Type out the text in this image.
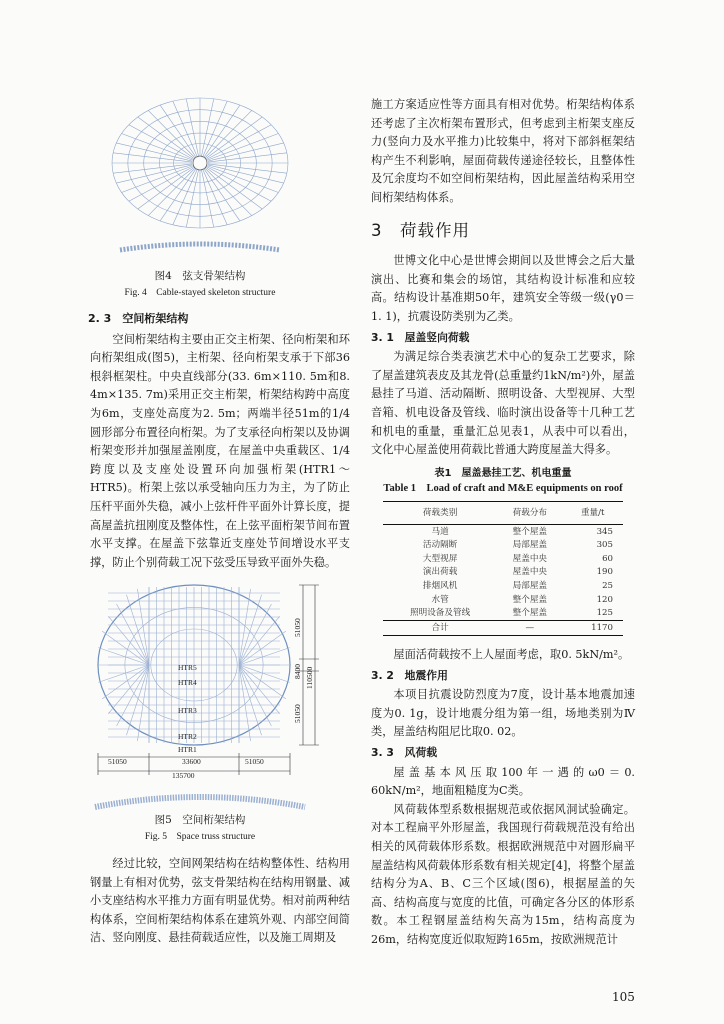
图4　弦支骨架结构
Fig. 4　Cable-stayed skeleton structure
2. 3　空间桁架结构

空间桁架结构主要由正交主桁架、径向桁架和环向桁架组成(图5)，主桁架、径向桁架支承于下部36根斜框架柱。中央直线部分(33. 6m×110. 5m和8. 4m×135. 7m)采用正交主桁架，桁架结构跨中高度为6m，支座处高度为2. 5m；两端半径51m的1/4圆形部分布置径向桁架。为了支承径向桁架以及协调桁架变形并加强屋盖刚度，在屋盖中央重载区、1/4跨度以及支座处设置环向加强桁架(HTR1～HTR5)。桁架上弦以承受轴向压力为主，为了防止压杆平面外失稳，减小上弦杆件平面外计算长度，提高屋盖抗扭刚度及整体性，在上弦平面桁架节间布置水平支撑。在屋盖下弦靠近支座处节间增设水平支撑，防止个别荷载工况下弦受压导致平面外失稳。

HTR5
HTR4
HTR3
HTR2
HTR1
51050	33600	51050
135700
51050
8400 110500
51050
图5　空间桁架结构
Fig. 5　Space truss structure

经过比较，空间网架结构在结构整体性、结构用钢量上有相对优势，弦支骨架结构在结构用钢量、减小支座结构水平推力方面有明显优势。相对前两种结构体系，空间桁架结构体系在建筑外观、内部空间简洁、竖向刚度、悬挂荷载适应性，以及施工周期及

施工方案适应性等方面具有相对优势。桁架结构体系还考虑了主次桁架布置形式，但考虑到主桁架支座反力(竖向力及水平推力)比较集中，将对下部斜框架结构产生不利影响，屋面荷载传递途径较长，且整体性及冗余度均不如空间桁架结构，因此屋盖结构采用空间桁架结构体系。

3　荷载作用

世博文化中心是世博会期间以及世博会之后大量演出、比赛和集会的场馆，其结构设计标准和应较高。结构设计基准期50年，建筑安全等级一级(γ0＝1. 1)，抗震设防类别为乙类。

3. 1　屋盖竖向荷载

为满足综合类表演艺术中心的复杂工艺要求，除了屋盖建筑表皮及其龙骨(总重量约1kN/m²)外，屋盖悬挂了马道、活动隔断、照明设备、大型视屏、大型音箱、机电设备及管线、临时演出设备等十几种工艺和机电的重量，重量汇总见表1，从表中可以看出，文化中心屋盖使用荷载比普通大跨度屋盖大得多。

表1　屋盖悬挂工艺、机电重量
Table 1　Load of craft and M&E equipments on roof
荷载类别	荷载分布	重量/t
马道	整个屋盖	345
活动隔断	局部屋盖	305
大型视屏	屋盖中央	60
演出荷载	屋盖中央	190
排烟风机	局部屋盖	25
水管	整个屋盖	120
照明设备及管线	整个屋盖	125
合计	—	1170

屋面活荷载按不上人屋面考虑，取0. 5kN/m²。

3. 2　地震作用

本项目抗震设防烈度为7度，设计基本地震加速度为0. 1g，设计地震分组为第一组，场地类别为Ⅳ类，屋盖结构阻尼比取0. 02。

3. 3　风荷载

屋盖基本风压取100年一遇的ω0＝0. 60kN/m²，地面粗糙度为C类。

风荷载体型系数根据规范或依据风洞试验确定。对本工程扁平外形屋盖，我国现行荷载规范没有给出相关的风荷载体形系数。根据欧洲规范中对圆形扁平屋盖结构风荷载体形系数有相关规定[4]，将整个屋盖结构分为A、B、C三个区域(图6)，根据屋盖的矢高、结构高度与宽度的比值，可确定各分区的体形系数。本工程钢屋盖结构矢高为15m，结构高度为26m，结构宽度近似取短跨165m，按欧洲规范计

105
